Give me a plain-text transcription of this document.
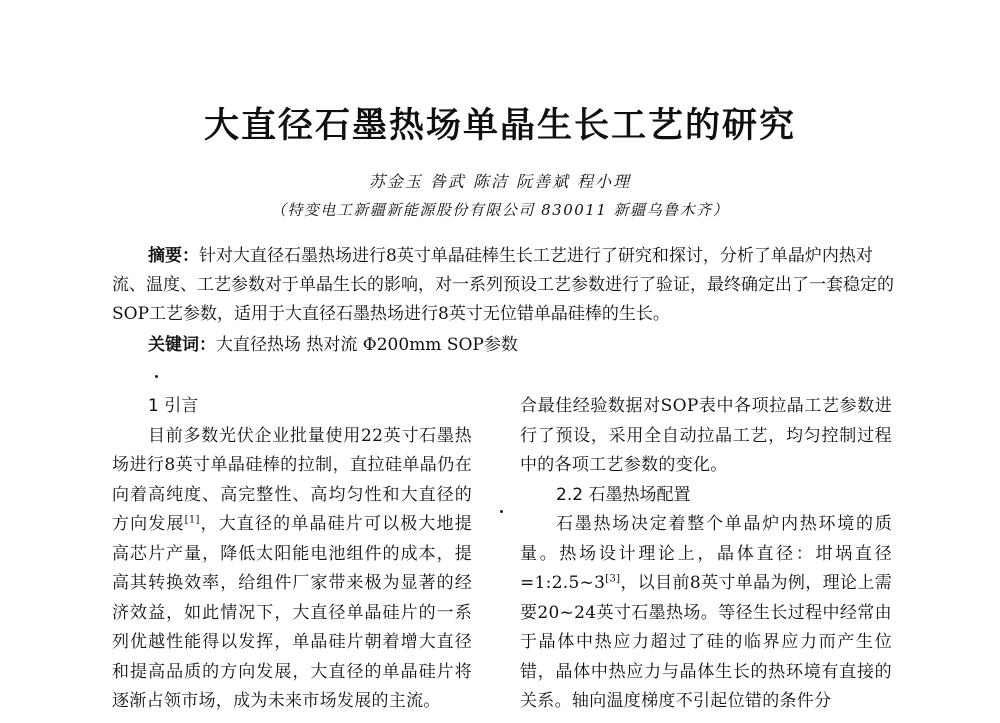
大直径石墨热场单晶生长工艺的研究
苏金玉 昝武 陈洁 阮善斌 程小理
（特变电工新疆新能源股份有限公司 830011 新疆乌鲁木齐）

摘要：针对大直径石墨热场进行8英寸单晶硅棒生长工艺进行了研究和探讨，分析了单晶炉内热对流、温度、工艺参数对于单晶生长的影响，对一系列预设工艺参数进行了验证，最终确定出了一套稳定的SOP工艺参数，适用于大直径石墨热场进行8英寸无位错单晶硅棒的生长。

关键词：大直径热场 热对流 Φ200mm SOP参数

1 引言

目前多数光伏企业批量使用22英寸石墨热场进行8英寸单晶硅棒的拉制，直拉硅单晶仍在向着高纯度、高完整性、高均匀性和大直径的方向发展[1]，大直径的单晶硅片可以极大地提高芯片产量，降低太阳能电池组件的成本，提高其转换效率，给组件厂家带来极为显著的经济效益，如此情况下，大直径单晶硅片的一系列优越性能得以发挥，单晶硅片朝着增大直径和提高品质的方向发展，大直径的单晶硅片将逐渐占领市场，成为未来市场发展的主流。

合最佳经验数据对SOP表中各项拉晶工艺参数进行了预设，采用全自动拉晶工艺，均匀控制过程中的各项工艺参数的变化。

2.2 石墨热场配置

石墨热场决定着整个单晶炉内热环境的质量。热场设计理论上，晶体直径：坩埚直径=1:2.5~3[3]，以目前8英寸单晶为例，理论上需要20~24英寸石墨热场。等径生长过程中经常由于晶体中热应力超过了硅的临界应力而产生位错，晶体中热应力与晶体生长的热环境有直接的关系。轴向温度梯度不引起位错的条件分
